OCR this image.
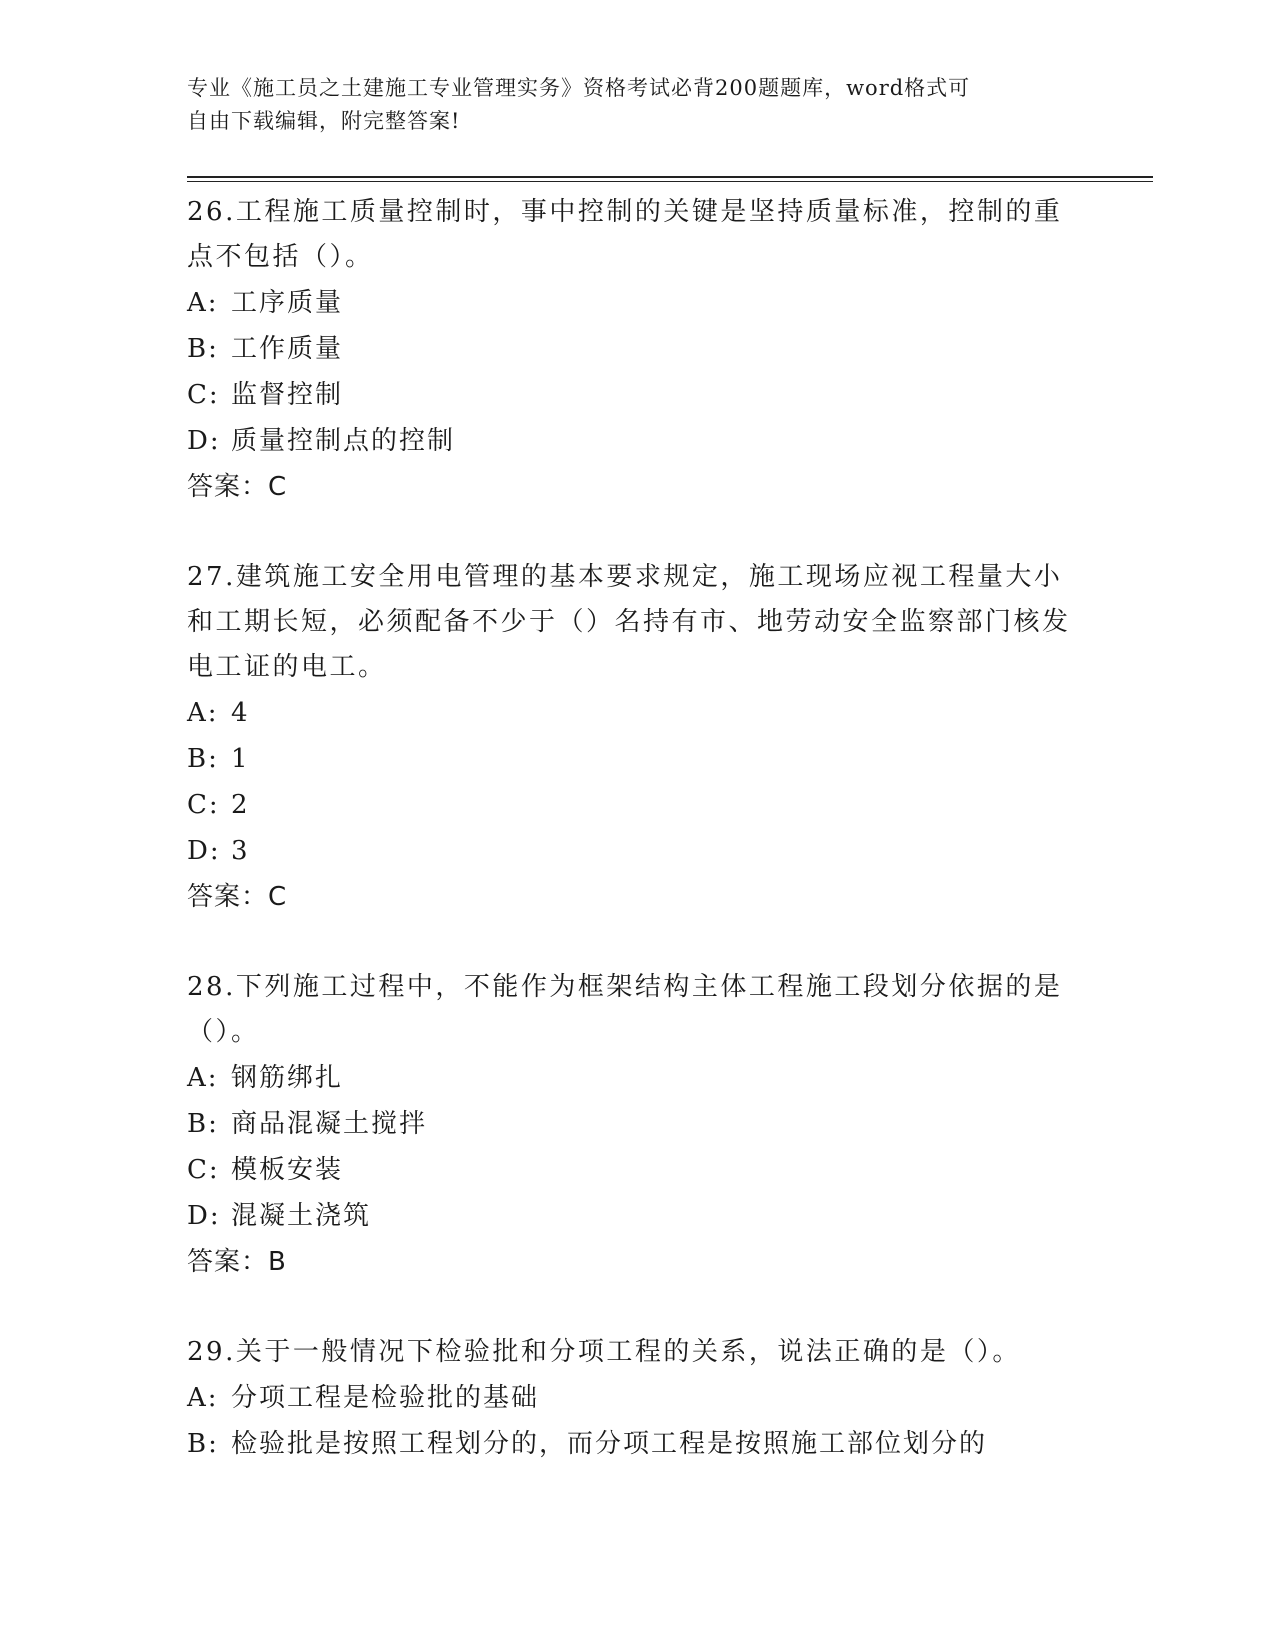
专业《施工员之土建施工专业管理实务》资格考试必背200题题库，word格式可
自由下载编辑，附完整答案!
26.工程施工质量控制时，事中控制的关键是坚持质量标准，控制的重点不包括（）。
A: 工序质量
B: 工作质量
C: 监督控制
D: 质量控制点的控制
答案：C
27.建筑施工安全用电管理的基本要求规定，施工现场应视工程量大小和工期长短，必须配备不少于（）名持有市、地劳动安全监察部门核发电工证的电工。
A: 4
B: 1
C: 2
D: 3
答案：C
28.下列施工过程中，不能作为框架结构主体工程施工段划分依据的是（）。
A: 钢筋绑扎
B: 商品混凝土搅拌
C: 模板安装
D: 混凝土浇筑
答案：B
29.关于一般情况下检验批和分项工程的关系，说法正确的是（）。
A: 分项工程是检验批的基础
B: 检验批是按照工程划分的，而分项工程是按照施工部位划分的
